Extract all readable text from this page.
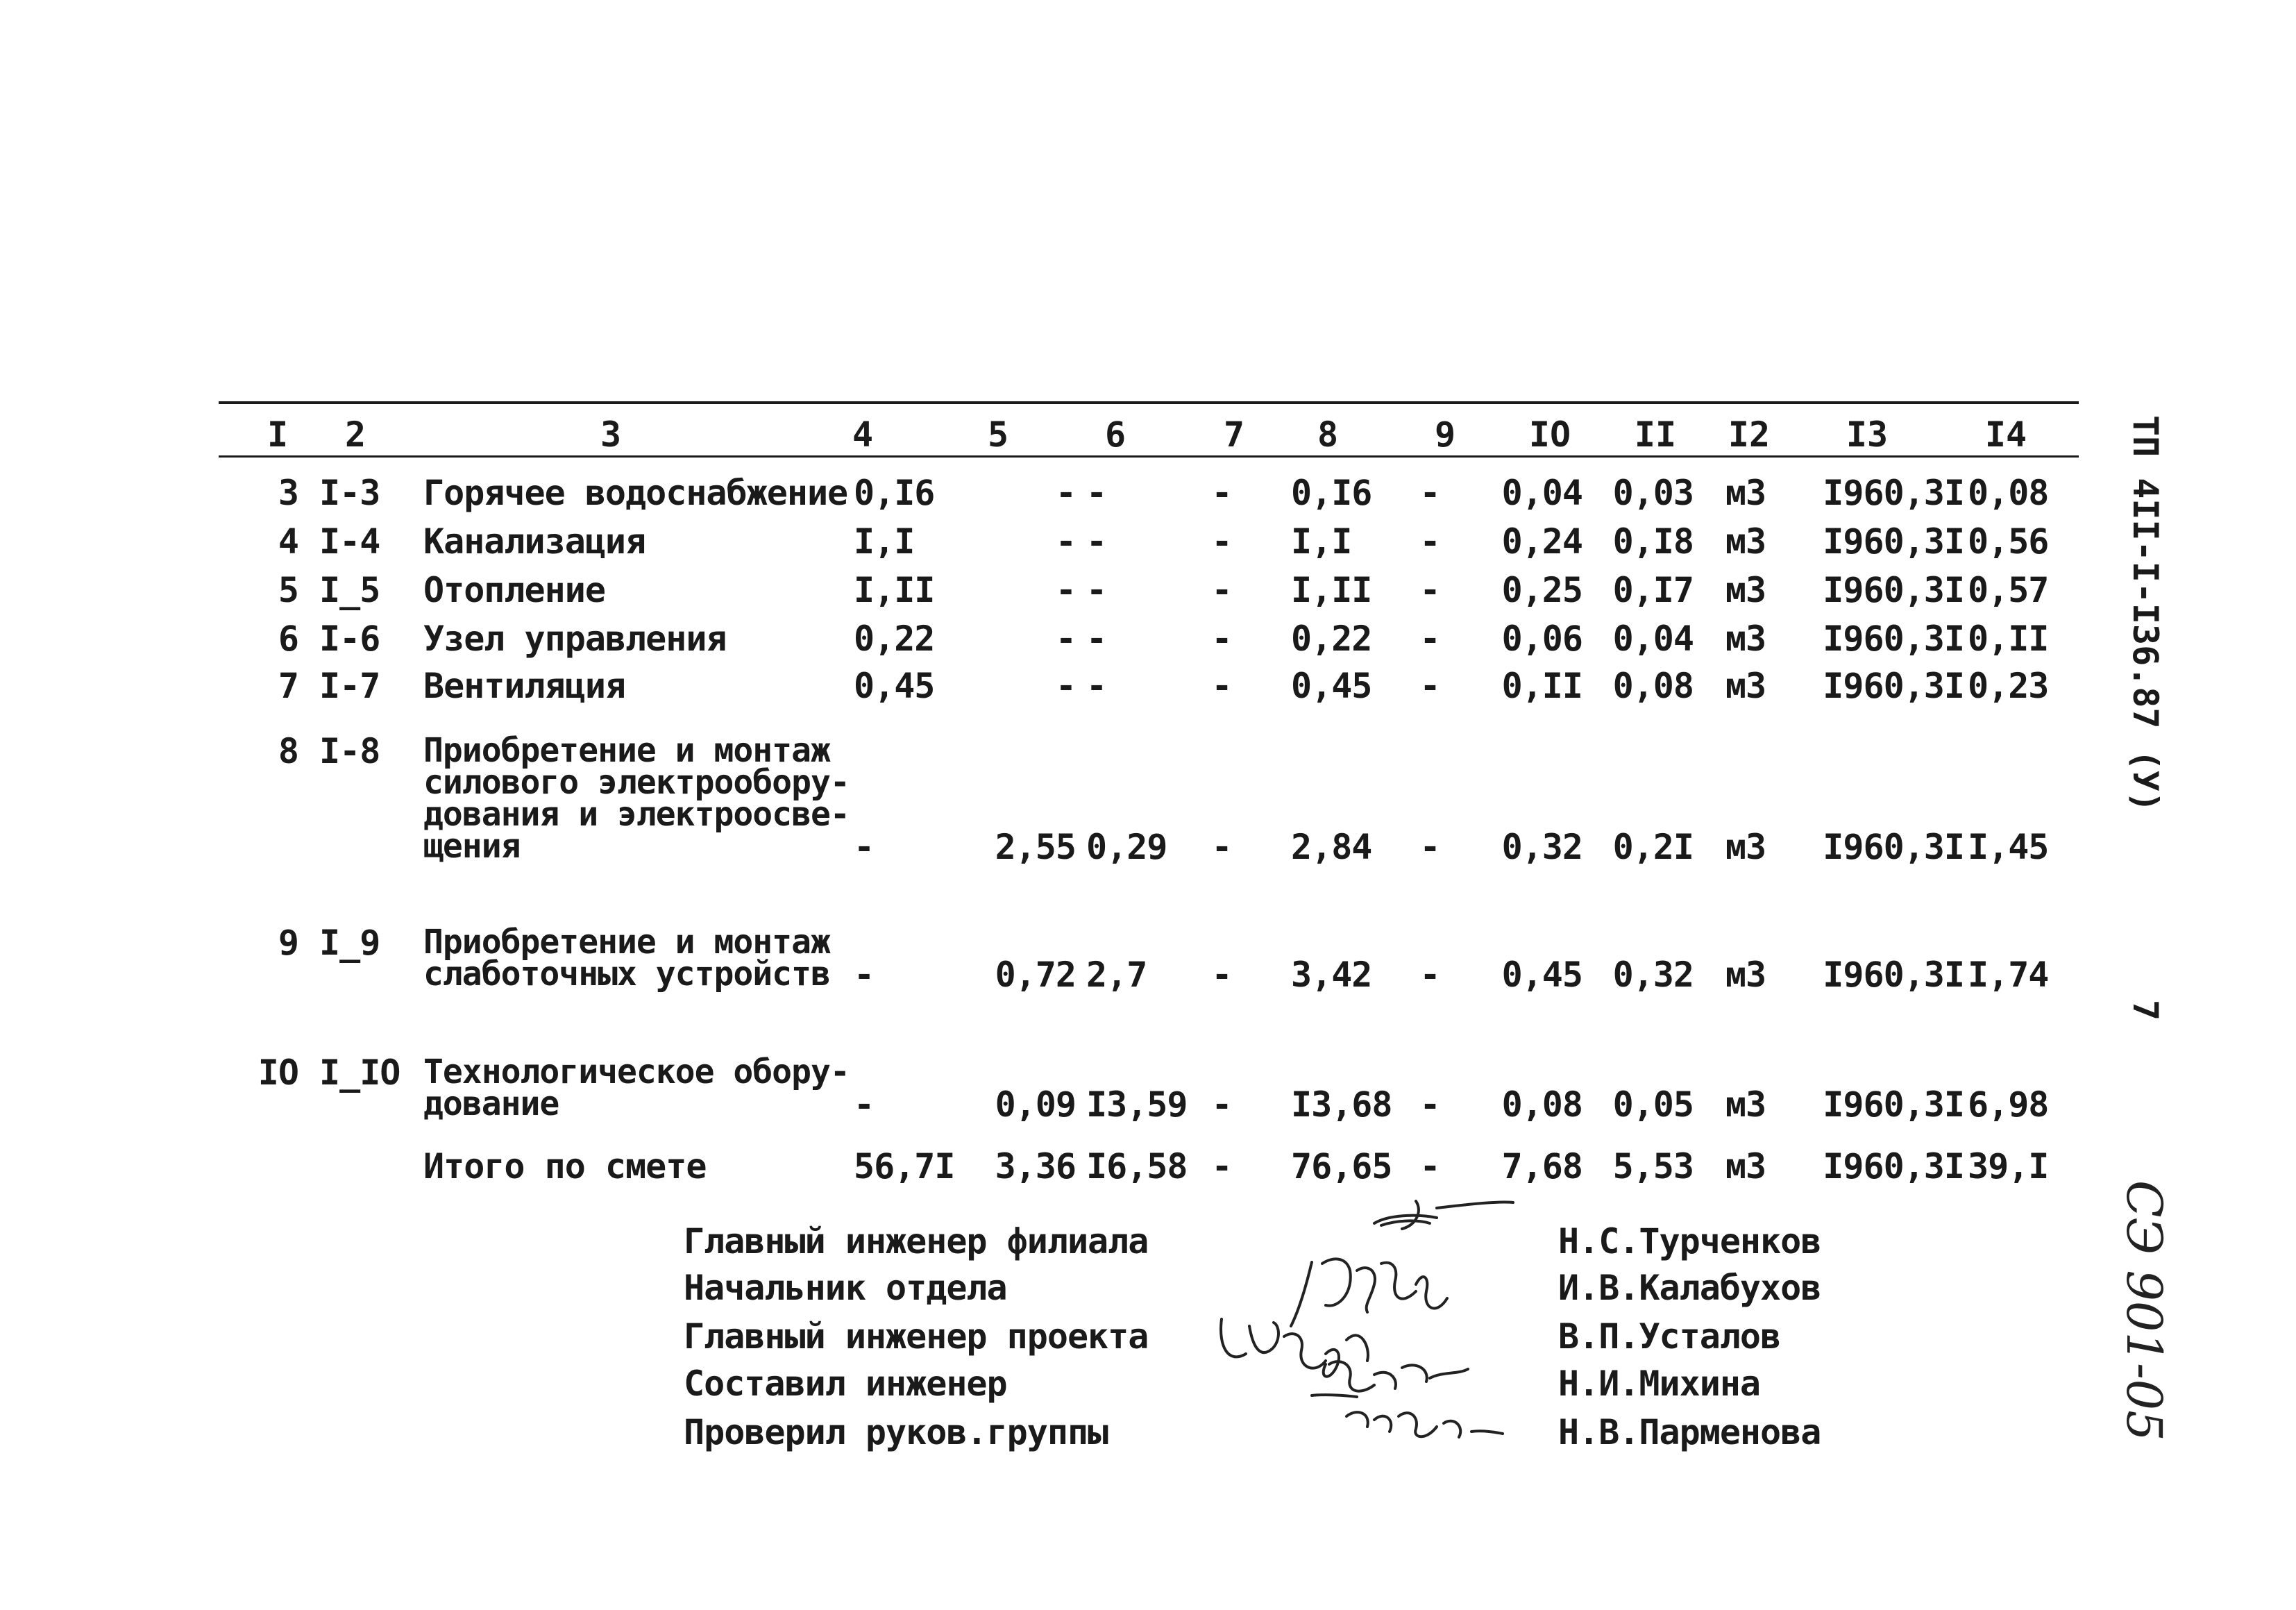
ТП 4II-I-I36.87 (У)
7
СЭ 901-05
I	2	3	4	5	6	7	8	9	IO	II	I2	I3	I4
3 I-3	Горячее водоснабжение 0,I6	- -	-	0,I6	-	0,04 0,03 м3	I960,3I 0,08
4 I-4	Канализация	I,I	- -	-	I,I	-	0,24 0,I8 м3	I960,3I 0,56
5 I_5	Отопление	I,II	- -	-	I,II	-	0,25 0,I7 м3	I960,3I 0,57
6 I-6	Узел управления	0,22	- -	-	0,22	-	0,06 0,04 м3	I960,3I 0,II
7 I-7	Вентиляция	0,45	- -	-	0,45	-	0,II 0,08 м3	I960,3I 0,23
8 I-8	Приобретение и монтаж
силового электрообору-
дования и электроосве-
щения	-	2,55 0,29	-	2,84	-	0,32 0,2I м3	I960,3I I,45
9 I_9	Приобретение и монтаж
слаботочных устройств -	0,72 2,7	-	3,42	-	0,45 0,32 м3	I960,3I I,74
IO I_IO Технологическое обору-
дование	-	0,09 I3,59 -	I3,68 -	0,08 0,05 м3	I960,3I 6,98
Итого по смете	56,7I	3,36 I6,58 -	76,65 -	7,68 5,53 м3	I960,3I 39,I
Главный инженер филиала	Н.С.Турченков
Начальник отдела	И.В.Калабухов
Главный инженер проекта	В.П.Усталов
Составил инженер	Н.И.Михина
Проверил руков.группы	Н.В.Парменова
